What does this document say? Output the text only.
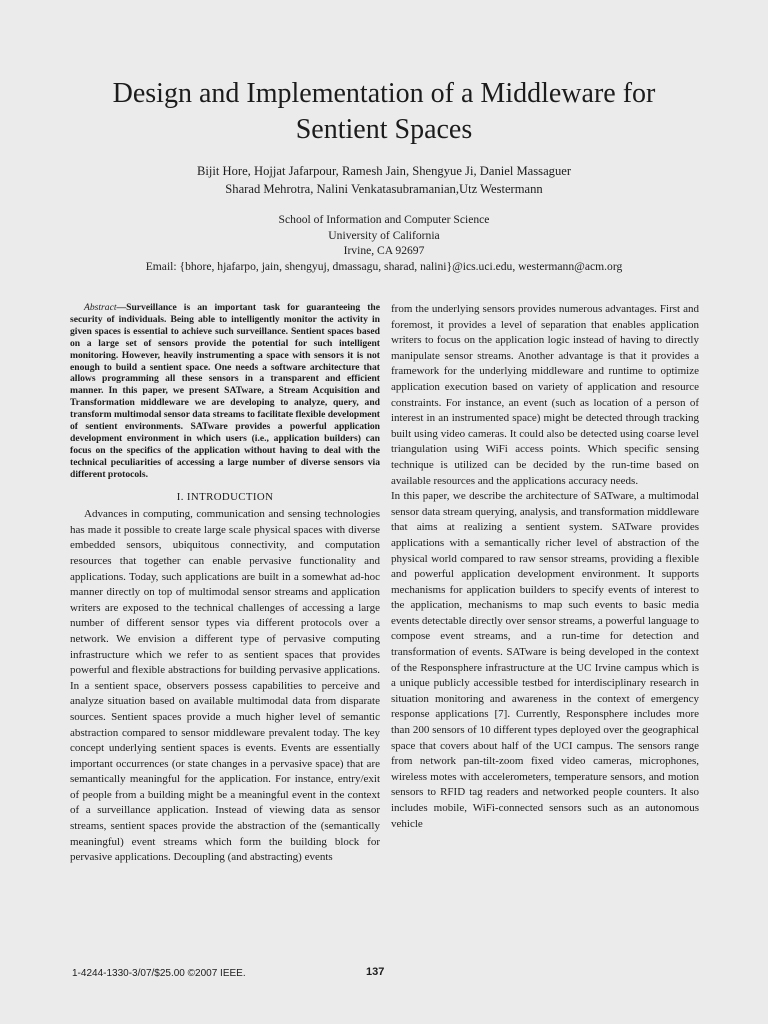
Design and Implementation of a Middleware for
Sentient Spaces
Bijit Hore, Hojjat Jafarpour, Ramesh Jain, Shengyue Ji, Daniel Massaguer
Sharad Mehrotra, Nalini Venkatasubramanian,Utz Westermann
School of Information and Computer Science
University of California
Irvine, CA 92697
Email: {bhore, hjafarpo, jain, shengyuj, dmassagu, sharad, nalini}@ics.uci.edu, westermann@acm.org

Abstract—Surveillance is an important task for guaranteeing the security of individuals. Being able to intelligently monitor the activity in given spaces is essential to achieve such surveillance. Sentient spaces based on a large set of sensors provide the potential for such intelligent monitoring. However, heavily instrumenting a space with sensors it is not enough to build a sentient space. One needs a software architecture that allows programming all these sensors in a transparent and efficient manner. In this paper, we present SATware, a Stream Acquisition and Transformation middleware we are developing to analyze, query, and transform multimodal sensor data streams to facilitate flexible development of sentient environments. SATware provides a powerful application development environment in which users (i.e., application builders) can focus on the specifics of the application without having to deal with the technical peculiarities of accessing a large number of diverse sensors via different protocols.

I. INTRODUCTION

Advances in computing, communication and sensing technologies has made it possible to create large scale physical spaces with diverse embedded sensors, ubiquitous connectivity, and computation resources that together can enable pervasive functionality and applications. Today, such applications are built in a somewhat ad-hoc manner directly on top of multimodal sensor streams and application writers are exposed to the technical challenges of accessing a large number of different sensor types via different protocols over a network. We envision a different type of pervasive computing infrastructure which we refer to as sentient spaces that provides powerful and flexible abstractions for building pervasive applications. In a sentient space, observers possess capabilities to perceive and analyze situation based on available multimodal data from disparate sources. Sentient spaces provide a much higher level of semantic abstraction compared to sensor middleware prevalent today. The key concept underlying sentient spaces is events. Events are essentially important occurrences (or state changes in a pervasive space) that are semantically meaningful for the application. For instance, entry/exit of people from a building might be a meaningful event in the context of a surveillance application. Instead of viewing data as sensor streams, sentient spaces provide the abstraction of the (semantically meaningful) event streams which form the building block for pervasive applications. Decoupling (and abstracting) events

from the underlying sensors provides numerous advantages. First and foremost, it provides a level of separation that enables application writers to focus on the application logic instead of having to directly manipulate sensor streams. Another advantage is that it provides a framework for the underlying middleware and runtime to optimize application execution based on variety of application and resource constraints. For instance, an event (such as location of a person of interest in an instrumented space) might be detected through tracking built using video cameras. It could also be detected using coarse level triangulation using WiFi access points. Which specific sensing technique is utilized can be decided by the run-time based on available resources and the applications accuracy needs.

In this paper, we describe the architecture of SATware, a multimodal sensor data stream querying, analysis, and transformation middleware that aims at realizing a sentient system. SATware provides applications with a semantically richer level of abstraction of the physical world compared to raw sensor streams, providing a flexible and powerful application development environment. It supports mechanisms for application builders to specify events of interest to the application, mechanisms to map such events to basic media events detectable directly over sensor streams, a powerful language to compose event streams, and a run-time for detection and transformation of events. SATware is being developed in the context of the Responsphere infrastructure at the UC Irvine campus which is a unique publicly accessible testbed for interdisciplinary research in situation monitoring and awareness in the context of emergency response applications [7]. Currently, Responsphere includes more than 200 sensors of 10 different types deployed over the geographical space that covers about half of the UCI campus. The sensors range from network pan-tilt-zoom fixed video cameras, microphones, wireless motes with accelerometers, temperature sensors, and motion sensors to RFID tag readers and networked people counters. It also includes mobile, WiFi-connected sensors such as an autonomous vehicle

1-4244-1330-3/07/$25.00 ©2007 IEEE.	137
